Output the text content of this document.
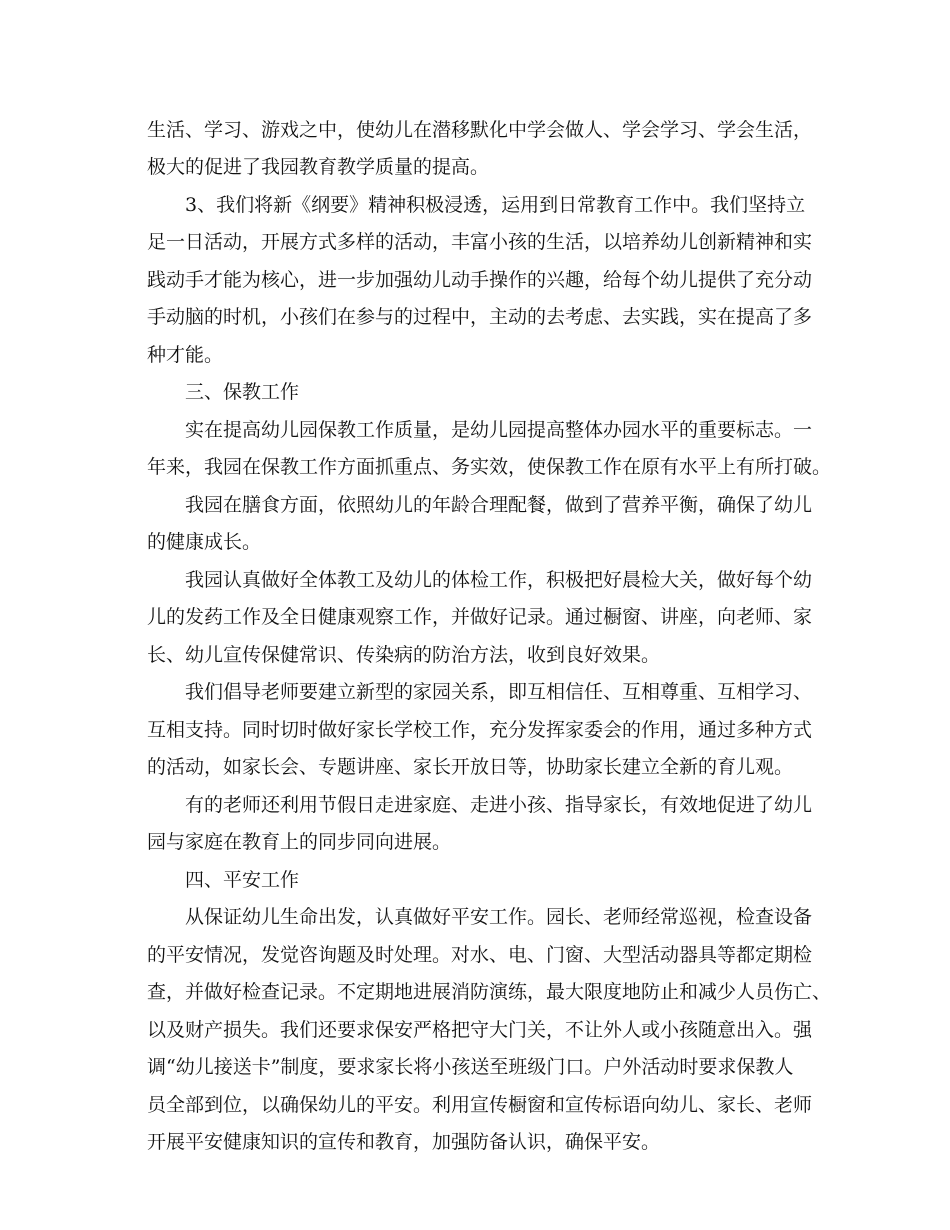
生活、学习、游戏之中，使幼儿在潜移默化中学会做人、学会学习、学会生活，
极大的促进了我园教育教学质量的提高。
3、我们将新《纲要》精神积极浸透，运用到日常教育工作中。我们坚持立
足一日活动，开展方式多样的活动，丰富小孩的生活，以培养幼儿创新精神和实
践动手才能为核心，进一步加强幼儿动手操作的兴趣，给每个幼儿提供了充分动
手动脑的时机，小孩们在参与的过程中，主动的去考虑、去实践，实在提高了多
种才能。
三、保教工作
实在提高幼儿园保教工作质量，是幼儿园提高整体办园水平的重要标志。一
年来，我园在保教工作方面抓重点、务实效，使保教工作在原有水平上有所打破。
我园在膳食方面，依照幼儿的年龄合理配餐，做到了营养平衡，确保了幼儿
的健康成长。
我园认真做好全体教工及幼儿的体检工作，积极把好晨检大关，做好每个幼
儿的发药工作及全日健康观察工作，并做好记录。通过橱窗、讲座，向老师、家
长、幼儿宣传保健常识、传染病的防治方法，收到良好效果。
我们倡导老师要建立新型的家园关系，即互相信任、互相尊重、互相学习、
互相支持。同时切时做好家长学校工作，充分发挥家委会的作用，通过多种方式
的活动，如家长会、专题讲座、家长开放日等，协助家长建立全新的育儿观。
有的老师还利用节假日走进家庭、走进小孩、指导家长，有效地促进了幼儿
园与家庭在教育上的同步同向进展。
四、平安工作
从保证幼儿生命出发，认真做好平安工作。园长、老师经常巡视，检查设备
的平安情况，发觉咨询题及时处理。对水、电、门窗、大型活动器具等都定期检
查，并做好检查记录。不定期地进展消防演练，最大限度地防止和减少人员伤亡、
以及财产损失。我们还要求保安严格把守大门关，不让外人或小孩随意出入。强
调“幼儿接送卡”制度，要求家长将小孩送至班级门口。户外活动时要求保教人
员全部到位，以确保幼儿的平安。利用宣传橱窗和宣传标语向幼儿、家长、老师
开展平安健康知识的宣传和教育，加强防备认识，确保平安。
